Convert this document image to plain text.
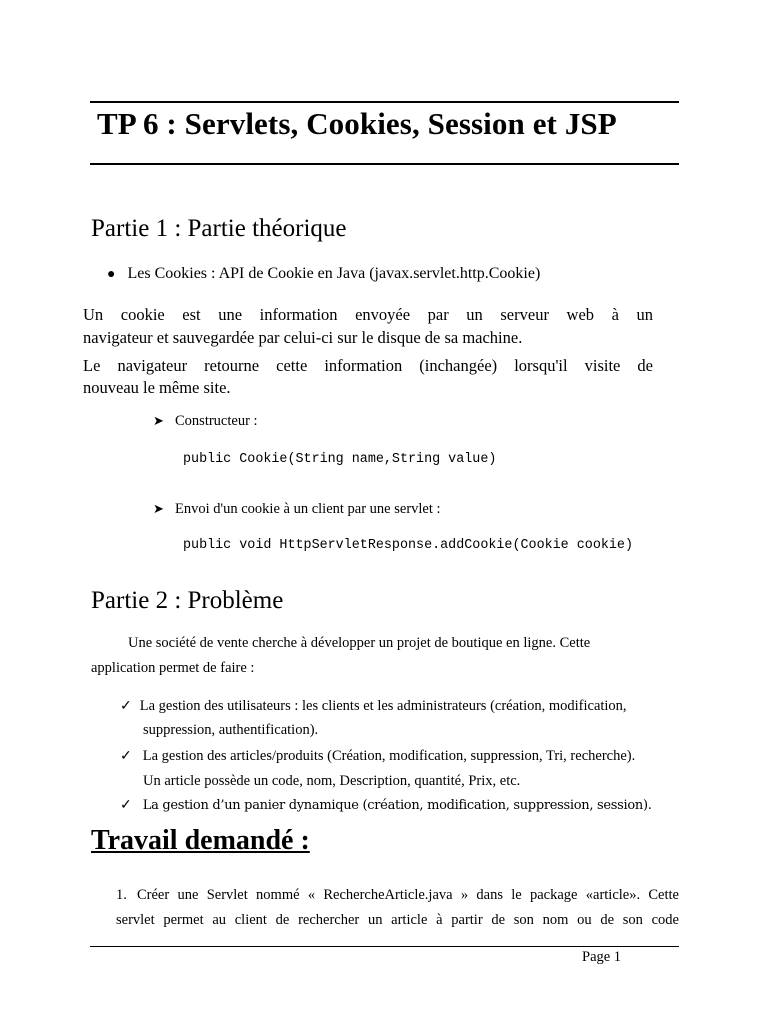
TP 6 : Servlets, Cookies, Session et JSP
Partie 1 : Partie théorique
● Les Cookies : API de Cookie en Java (javax.servlet.http.Cookie)
Un cookie est une information envoyée par un serveur web à un
navigateur et sauvegardée par celui-ci sur le disque de sa machine.
Le navigateur retourne cette information (inchangée) lorsqu'il visite de
nouveau le même site.
➤ Constructeur :
public Cookie(String name,String value)
➤ Envoi d'un cookie à un client par une servlet :
public void HttpServletResponse.addCookie(Cookie cookie)
Partie 2 : Problème
Une société de vente cherche à développer un projet de boutique en ligne. Cette
application permet de faire :
✓ La gestion des utilisateurs : les clients et les administrateurs (création, modification,
suppression, authentification).
✓ La gestion des articles/produits (Création, modification, suppression, Tri, recherche).
Un article possède un code, nom, Description, quantité, Prix, etc.
✓ La gestion d’un panier dynamique (création, modification, suppression, session).
Travail demandé :
1. Créer une Servlet nommé « RechercheArticle.java » dans le package «article». Cette
servlet permet au client de rechercher un article à partir de son nom ou de son code
Page 1
